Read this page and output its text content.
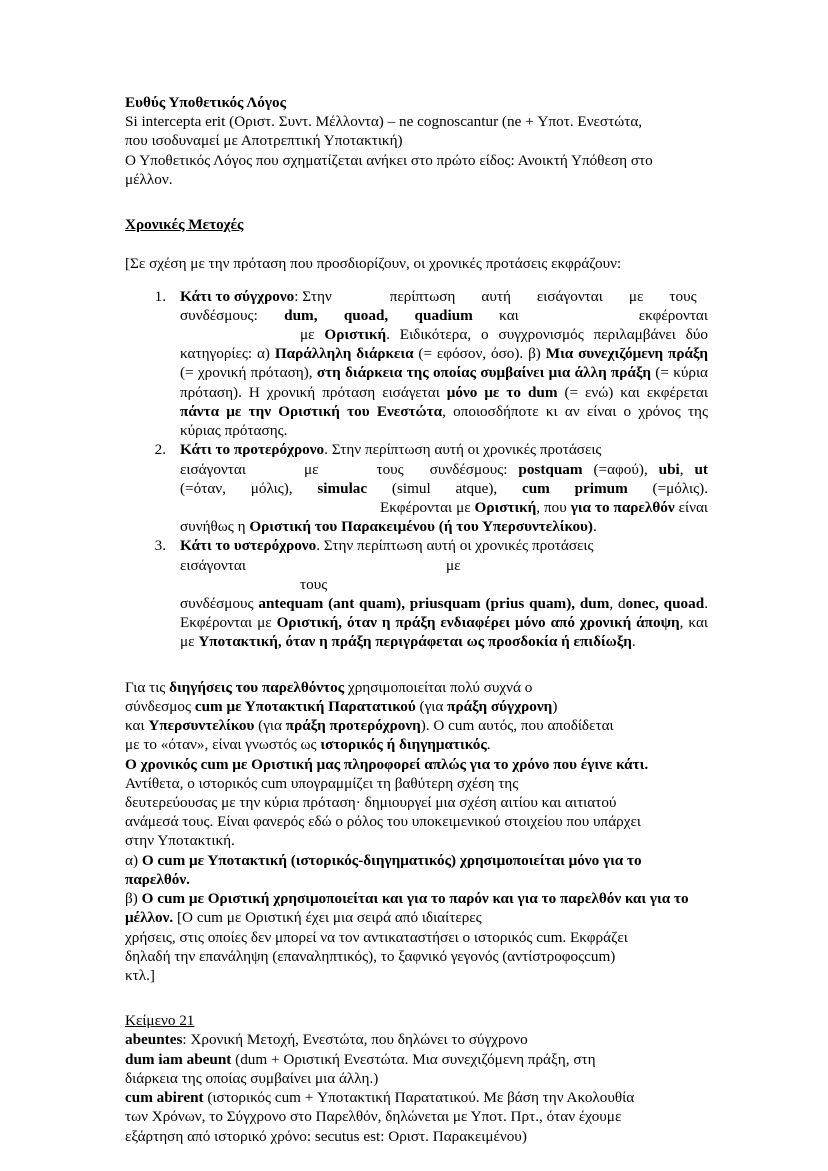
Ευθύς Υποθετικός Λόγος
Si intercepta erit (Οριστ. Συντ. Μέλλοντα) – ne cognoscantur (ne + Υποτ. Ενεστώτα,
που ισοδυναμεί με Αποτρεπτική Υποτακτική)
Ο Υποθετικός Λόγος που σχηματίζεται ανήκει στο πρώτο είδος: Ανοικτή Υπόθεση στο
μέλλον.
Χρονικές Μετοχές
[Σε σχέση με την πρόταση που προσδιορίζουν, οι χρονικές προτάσεις εκφράζουν:
Κάτι το σύγχρονο: Στην	περίπτωση αυτή εισάγονται με τους
συνδέσμους: dum, quoad, quadium και	εκφέρονταιμε Οριστική. Ειδικότερα, ο συγχρονισμός περιλαμβάνει δύο κατηγορίες: α) Παράλληλη διάρκεια (= εφόσον, όσο). β) Μια συνεχιζόμενη πράξη (= χρονική πρόταση), στη διάρκεια της οποίας συμβαίνει μια άλλη πράξη (= κύρια πρόταση). Η χρονική πρόταση εισάγεται μόνο με το dum (= ενώ) και εκφέρεται πάντα με την Οριστική του Ενεστώτα, οποιοσδήποτε κι αν είναι ο χρόνος της κύριας πρότασης.
Κάτι το προτερόχρονο. Στην περίπτωση αυτή οι χρονικές προτάσεις
εισάγονται	με	τους συνδέσμους: postquam (=αφού), ubi, ut (=όταν, μόλις), simulac (simul atque), cum primum (=μόλις).Εκφέρονται με Οριστική, που για το παρελθόν είναι συνήθως η Οριστική του Παρακειμένου (ή του Υπερσυντελίκου).
Κάτι το υστερόχρονο. Στην περίπτωση αυτή οι χρονικές προτάσεις
εισάγονται	μετους
συνδέσμους antequam (ant quam), priusquam (prius quam), dum, donec, quoad. Εκφέρονται με Οριστική, όταν η πράξη ενδιαφέρει μόνο από χρονική άποψη, και με Υποτακτική, όταν η πράξη περιγράφεται ως προσδοκία ή επιδίωξη.
Για τις διηγήσεις του παρελθόντος χρησιμοποιείται πολύ συχνά ο
σύνδεσμος cum με Υποτακτική Παρατατικού (για πράξη σύγχρονη)
και Υπερσυντελίκου (για πράξη προτερόχρονη). Ο cum αυτός, που αποδίδεται
με το «όταν», είναι γνωστός ως ιστορικός ή διηγηματικός.
Ο χρονικός cum με Οριστική μας πληροφορεί απλώς για το χρόνο που έγινε κάτι. Αντίθετα, ο ιστορικός cum υπογραμμίζει τη βαθύτερη σχέση της
δευτερεύουσας με την κύρια πρόταση· δημιουργεί μια σχέση αιτίου και αιτιατού
ανάμεσά τους. Είναι φανερός εδώ ο ρόλος του υποκειμενικού στοιχείου που υπάρχει
στην Υποτακτική.
α) Ο cum με Υποτακτική (ιστορικός-διηγηματικός) χρησιμοποιείται μόνο για το παρελθόν.
β) Ο cum με Οριστική χρησιμοποιείται και για το παρόν και για το παρελθόν και για το μέλλον. [Ο cum με Οριστική έχει μια σειρά από ιδιαίτερες
χρήσεις, στις οποίες δεν μπορεί να τον αντικαταστήσει ο ιστορικός cum. Εκφράζει
δηλαδή την επανάληψη (επαναληπτικός), το ξαφνικό γεγονός (αντίστροφοςcum)
κτλ.]
Κείμενο 21
abeuntes: Χρονική Μετοχή, Ενεστώτα, που δηλώνει το σύγχρονο
dum iam abeunt (dum + Οριστική Ενεστώτα. Μια συνεχιζόμενη πράξη, στη
διάρκεια της οποίας συμβαίνει μια άλλη.)
cum abirent (ιστορικός cum + Υποτακτική Παρατατικού. Με βάση την Ακολουθία
των Χρόνων, το Σύγχρονο στο Παρελθόν, δηλώνεται με Υποτ. Πρτ., όταν έχουμε
εξάρτηση από ιστορικό χρόνο: secutus est: Οριστ. Παρακειμένου)
